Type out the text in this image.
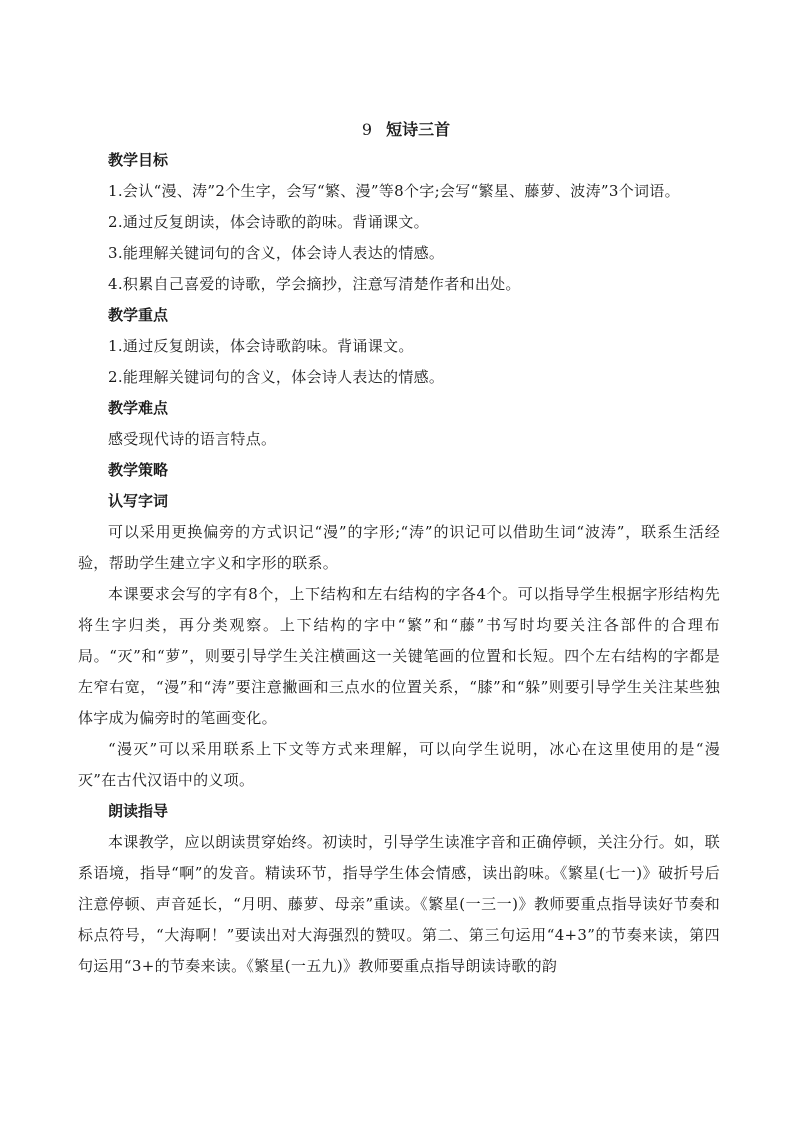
9 短诗三首
教学目标

1.会认“漫、涛”2个生字，会写“繁、漫”等8个字;会写“繁星、藤萝、波涛”3个词语。

2.通过反复朗读，体会诗歌的韵味。背诵课文。

3.能理解关键词句的含义，体会诗人表达的情感。

4.积累自己喜爱的诗歌，学会摘抄，注意写清楚作者和出处。

教学重点

1.通过反复朗读，体会诗歌韵味。背诵课文。

2.能理解关键词句的含义，体会诗人表达的情感。

教学难点

感受现代诗的语言特点。

教学策略
认写字词

可以采用更换偏旁的方式识记“漫”的字形;“涛”的识记可以借助生词“波涛”，联系生活经验，帮助学生建立字义和字形的联系。

本课要求会写的字有8个，上下结构和左右结构的字各4个。可以指导学生根据字形结构先将生字归类，再分类观察。上下结构的字中“繁”和“藤”书写时均要关注各部件的合理布局。“灭”和“萝”，则要引导学生关注横画这一关键笔画的位置和长短。四个左右结构的字都是左窄右宽，“漫”和“涛”要注意撇画和三点水的位置关系，“膝”和“躲”则要引导学生关注某些独体字成为偏旁时的笔画变化。

“漫灭”可以采用联系上下文等方式来理解，可以向学生说明，冰心在这里使用的是“漫灭”在古代汉语中的义项。

朗读指导

本课教学，应以朗读贯穿始终。初读时，引导学生读准字音和正确停顿，关注分行。如，联系语境，指导“啊”的发音。精读环节，指导学生体会情感，读出韵味。《繁星(七一)》破折号后注意停顿、声音延长，“月明、藤萝、母亲”重读。《繁星(一三一)》教师要重点指导读好节奏和标点符号，“大海啊！”要读出对大海强烈的赞叹。第二、第三句运用“4+3”的节奏来读，第四句运用“3+的节奏来读。《繁星(一五九)》教师要重点指导朗读诗歌的韵
